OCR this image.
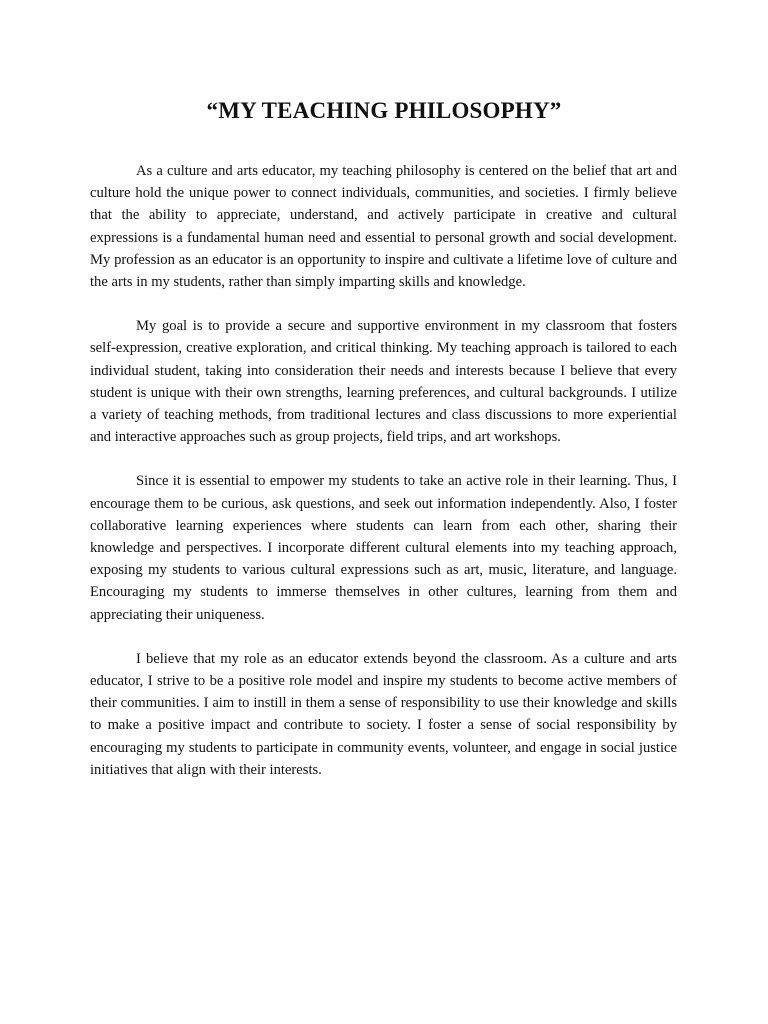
“MY TEACHING PHILOSOPHY”

As a culture and arts educator, my teaching philosophy is centered on the belief that art and culture hold the unique power to connect individuals, communities, and societies. I firmly believe that the ability to appreciate, understand, and actively participate in creative and cultural expressions is a fundamental human need and essential to personal growth and social development. My profession as an educator is an opportunity to inspire and cultivate a lifetime love of culture and the arts in my students, rather than simply imparting skills and knowledge.

My goal is to provide a secure and supportive environment in my classroom that fosters self-expression, creative exploration, and critical thinking. My teaching approach is tailored to each individual student, taking into consideration their needs and interests because I believe that every student is unique with their own strengths, learning preferences, and cultural backgrounds. I utilize a variety of teaching methods, from traditional lectures and class discussions to more experiential and interactive approaches such as group projects, field trips, and art workshops.

Since it is essential to empower my students to take an active role in their learning. Thus, I encourage them to be curious, ask questions, and seek out information independently. Also, I foster collaborative learning experiences where students can learn from each other, sharing their knowledge and perspectives. I incorporate different cultural elements into my teaching approach, exposing my students to various cultural expressions such as art, music, literature, and language. Encouraging my students to immerse themselves in other cultures, learning from them and appreciating their uniqueness.

I believe that my role as an educator extends beyond the classroom. As a culture and arts educator, I strive to be a positive role model and inspire my students to become active members of their communities. I aim to instill in them a sense of responsibility to use their knowledge and skills to make a positive impact and contribute to society. I foster a sense of social responsibility by encouraging my students to participate in community events, volunteer, and engage in social justice initiatives that align with their interests.
